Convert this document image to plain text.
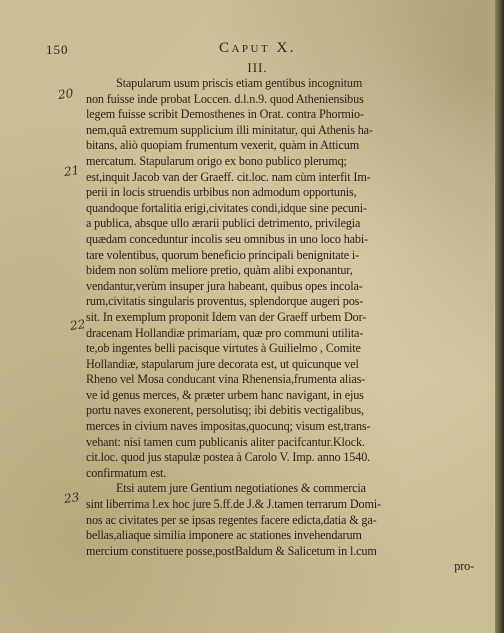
150	Caput X.
III.
20
21
22
23
Stapularum usum priscis etiam gentibus incognitum
non fuisse inde probat Loccen. d.l.n.9. quod Atheniensibus
legem fuisse scribit Demosthenes in Orat. contra Phormio-
nem,quâ extremum supplicium illi minitatur, qui Athenis ha-
bitans, aliò quopiam frumentum vexerit, quàm in Atticum
mercatum. Stapularum origo ex bono publico plerumq;
est,inquit Jacob van der Graeff. cit.loc. nam cùm interfit Im-
perii in locis struendis urbibus non admodum opportunis,
quandoque fortalitia erigi,civitates condi,idque sine pecuni-
a publica, absque ullo ærarii publici detrimento, privilegia
quædam conceduntur incolis seu omnibus in uno loco habi-
tare volentibus, quorum beneficio principali benignitate i-
bidem non solùm meliore pretio, quàm alibi exponantur,
vendantur,verùm insuper jura habeant, quibus opes incola-
rum,civitatis singularis proventus, splendorque augeri pos-
sit. In exemplum proponit Idem van der Graeff urbem Dor-
dracenam Hollandiæ primariam, quæ pro communi utilita-
te,ob ingentes belli pacisque virtutes à Guilielmo , Comite
Hollandiæ, stapularum jure decorata est, ut quicunque vel
Rheno vel Mosa conducant vina Rhenensia,frumenta alias-
ve id genus merces, & præter urbem hanc navigant, in ejus
portu naves exonerent, persolutisq; ibi debitis vectigalibus,
merces in civium naves impositas,quocunq; visum est,trans-
vehant: nisi tamen cum publicanis aliter pacifcantur.Klock.
cit.loc. quod jus stapulæ postea à Carolo V. Imp. anno 1540.
confirmatum est.
Etsi autem jure Gentium negotiationes & commercia
sint liberrima l.ex hoc jure 5.ff.de J.& J.tamen terrarum Domi-
nos ac civitates per se ipsas regentes facere edicta,datia & ga-
bellas,aliaque similia imponere ac stationes invehendarum
mercium constituere posse,postBaldum & Salicetum in l.cum
pro-
